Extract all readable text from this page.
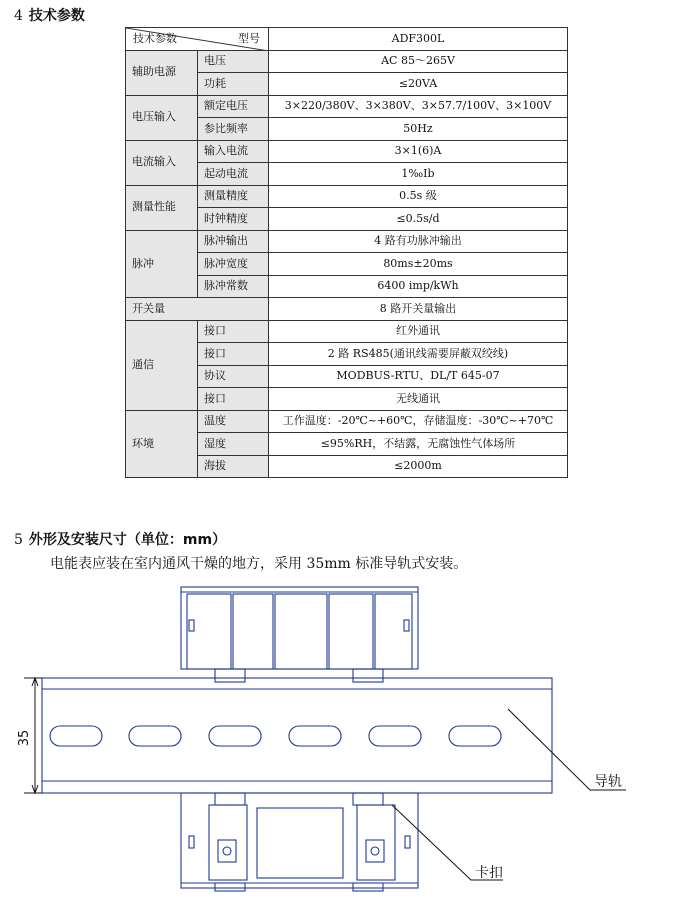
4 技术参数
技术参数 型号		ADF300L
辅助电源	电压	AC 85～265V
	功耗	≤20VA
电压输入	额定电压	3×220/380V、3×380V、3×57.7/100V、3×100V
	参比频率	50Hz
电流输入	输入电流	3×1(6)A
	起动电流	1‰Ib
测量性能	测量精度	0.5s 级
	时钟精度	≤0.5s/d
脉冲	脉冲输出	4 路有功脉冲输出
	脉冲宽度	80ms±20ms
	脉冲常数	6400 imp/kWh
开关量		8 路开关量输出
通信	接口	红外通讯
	接口	2 路 RS485(通讯线需要屏蔽双绞线)
	协议	MODBUS-RTU、DL/T 645-07
	接口	无线通讯
环境	温度	工作温度：-20℃~+60℃，存储温度：-30℃~+70℃
	湿度	≤95%RH，不结露，无腐蚀性气体场所
	海拔	≤2000m
5 外形及安装尺寸（单位：mm）
电能表应装在室内通风干燥的地方，采用 35mm 标准导轨式安装。
35
导轨
卡扣
